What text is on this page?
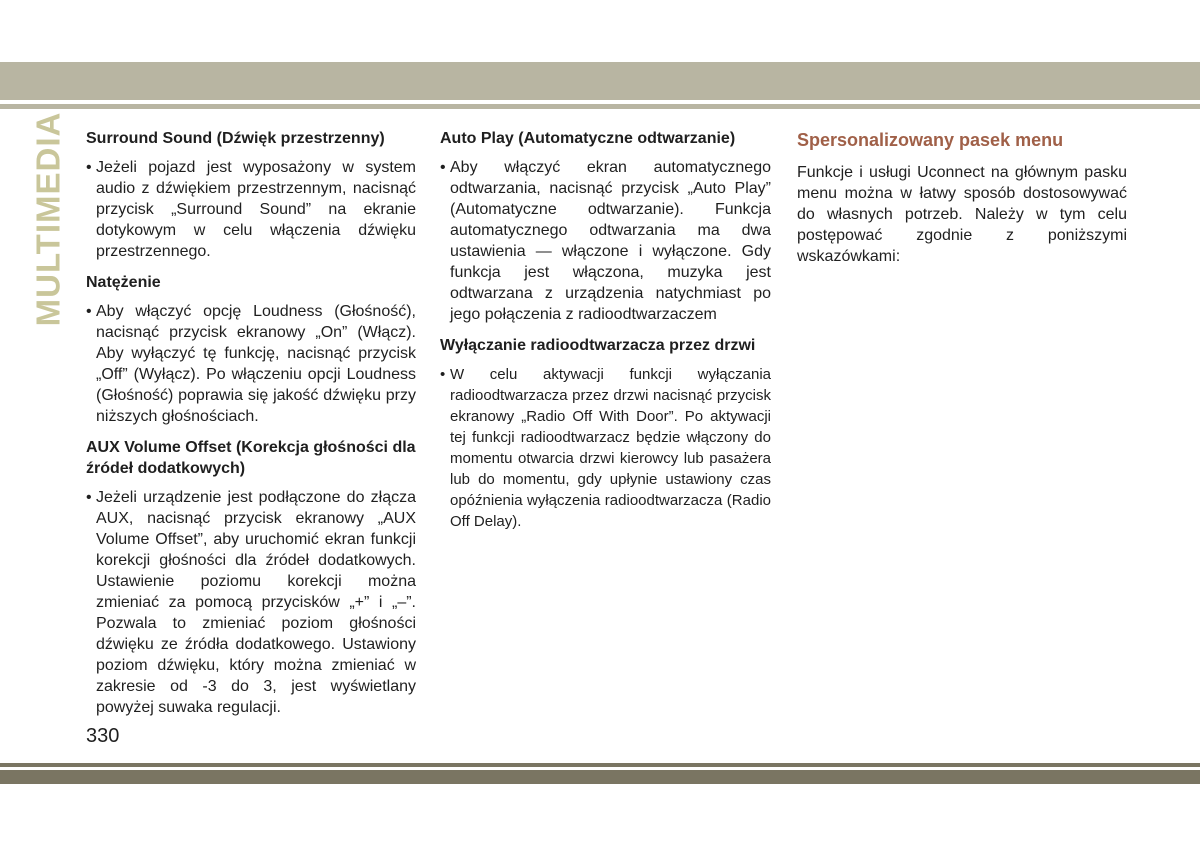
MULTIMEDIA Surround Sound (Dźwięk przestrzenny)

• Jeżeli pojazd jest wyposażony w system audio z dźwiękiem przestrzennym, nacisnąć przycisk „Surround Sound” na ekranie dotykowym w celu włączenia dźwięku przestrzennego.

Natężenie

• Aby włączyć opcję Loudness (Głośność), nacisnąć przycisk ekranowy „On” (Włącz). Aby wyłączyć tę funkcję, nacisnąć przycisk „Off” (Wyłącz). Po włączeniu opcji Loudness (Głośność) poprawia się jakość dźwięku przy niższych głośnościach.

AUX Volume Offset (Korekcja głośności dla źródeł dodatkowych)

• Jeżeli urządzenie jest podłączone do złącza AUX, nacisnąć przycisk ekranowy „AUX Volume Offset”, aby uruchomić ekran funkcji korekcji głośności dla źródeł dodatkowych. Ustawienie poziomu korekcji można zmieniać za pomocą przycisków „+” i „–”. Pozwala to zmieniać poziom głośności dźwięku ze źródła dodatkowego. Ustawiony poziom dźwięku, który można zmieniać w zakresie od -3 do 3, jest wyświetlany powyżej suwaka regulacji.

Auto Play (Automatyczne odtwarzanie)

• Aby włączyć ekran automatycznego odtwarzania, nacisnąć przycisk „Auto Play” (Automatyczne odtwarzanie). Funkcja automatycznego odtwarzania ma dwa ustawienia — włączone i wyłączone. Gdy funkcja jest włączona, muzyka jest odtwarzana z urządzenia natychmiast po jego połączenia z radioodtwarzaczem

Wyłączanie radioodtwarzacza przez drzwi

• W celu aktywacji funkcji wyłączania radioodtwarzacza przez drzwi nacisnąć przycisk ekranowy „Radio Off With Door”. Po aktywacji tej funkcji radioodtwarzacz będzie włączony do momentu otwarcia drzwi kierowcy lub pasażera lub do momentu, gdy upłynie ustawiony czas opóźnienia wyłączenia radioodtwarzacza (Radio Off Delay).

Spersonalizowany pasek menu

Funkcje i usługi Uconnect na głównym pasku menu można w łatwy sposób dostosowywać do własnych potrzeb. Należy w tym celu postępować zgodnie z poniższymi wskazówkami:

330
